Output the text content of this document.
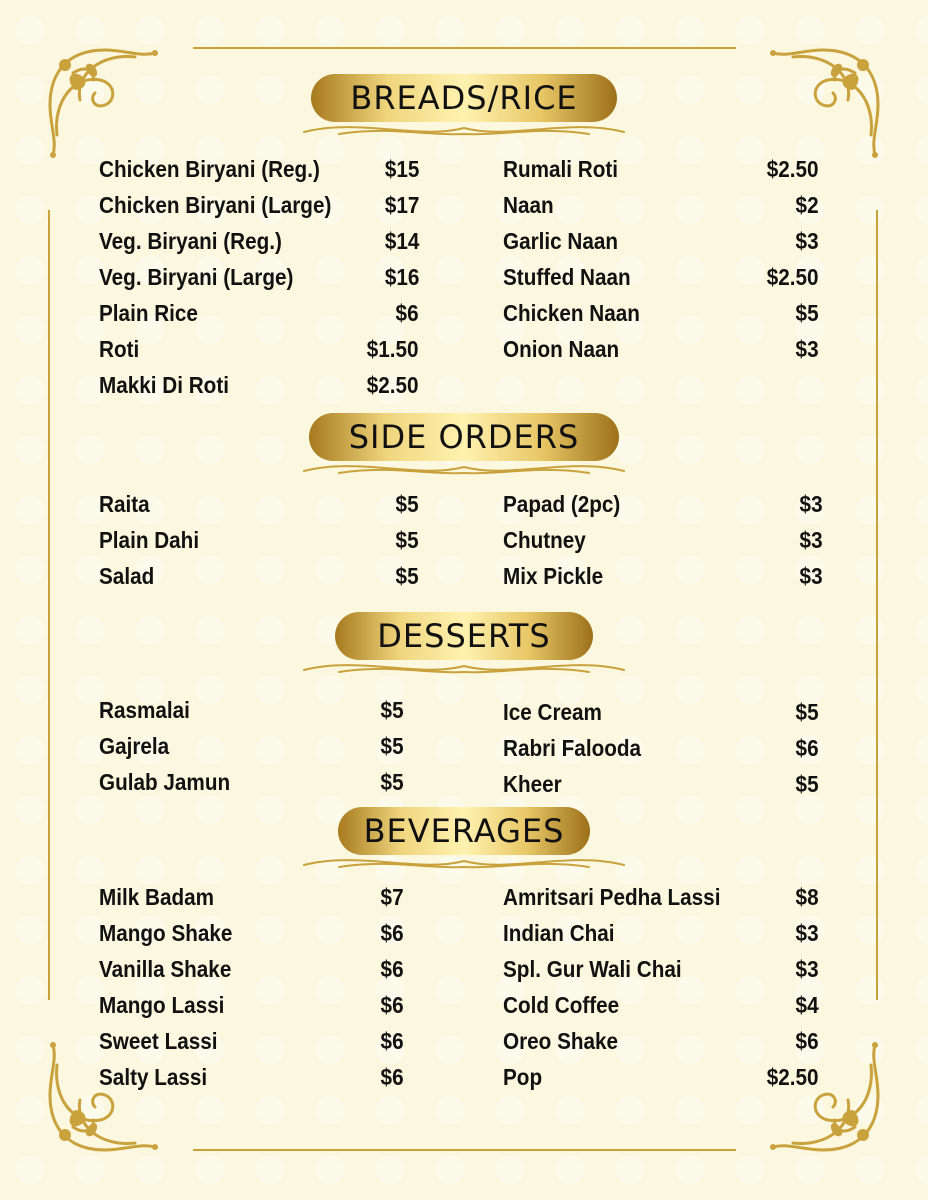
BREADS/RICE
Chicken Biryani (Reg.)	$15
Chicken Biryani (Large) $17
Veg. Biryani (Reg.)	$14
Veg. Biryani (Large)	$16
Plain Rice	$6
Roti	$1.50
Makki Di Roti	$2.50
Rumali Roti	$2.50
Naan	$2
Garlic Naan	$3
Stuffed Naan	$2.50
Chicken Naan	$5
Onion Naan	$3
SIDE ORDERS
Raita	$5
Plain Dahi	$5
Salad	$5
Papad (2pc)	$3
Chutney	$3
Mix Pickle	$3
DESSERTS
Rasmalai	$5
Gajrela	$5
Gulab Jamun	$5
Ice Cream	$5
Rabri Falooda	$6
Kheer	$5
BEVERAGES
Milk Badam	$7
Mango Shake	$6
Vanilla Shake	$6
Mango Lassi	$6
Sweet Lassi	$6
Salty Lassi	$6
Amritsari Pedha Lassi	$8
Indian Chai	$3
Spl. Gur Wali Chai	$3
Cold Coffee	$4
Oreo Shake	$6
Pop	$2.50
